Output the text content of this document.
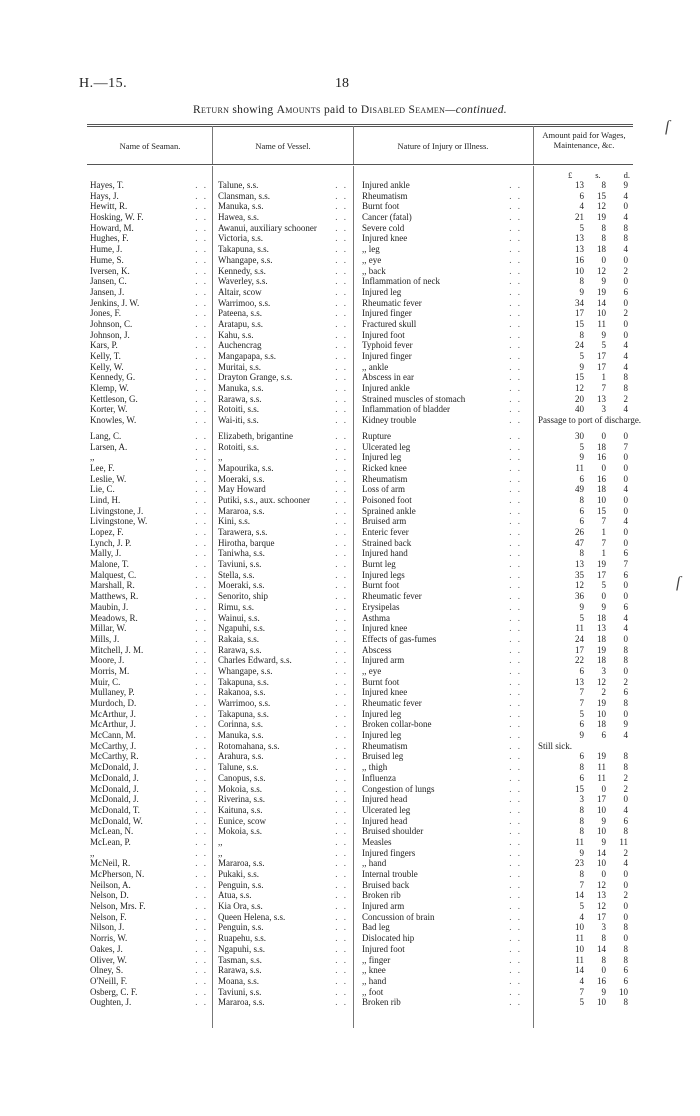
H.—15.	18
Return showing Amounts paid to Disabled Seamen—continued.
Name of Seaman.	Name of Vessel.	Nature of Injury or Illness.
Amount paid for Wages, Maintenance, &c.
£	s.	d.
Hayes, T.	. . Talune, s.s.	. . Injured ankle	. .	13	8	9
Hays, J.	. . Clansman, s.s.	. . Rheumatism	. .	6	15	4
Hewitt, R.	. . Manuka, s.s.	. . Burnt foot	. .	4	12	0
Hosking, W. F.	. . Hawea, s.s.	. . Cancer (fatal)	. .	21	19	4
Howard, M.	. . Awanui, auxiliary schooner . . Severe cold	. .	5	8	8
Hughes, F.	. . Victoria, s.s.	. . Injured knee	. .	13	8	8
Hume, J.	. . Takapuna, s.s.	. . ,, leg	. .	13	18	4
Hume, S.	. . Whangape, s.s.	. . ,, eye	. .	16	0	0
Iversen, K.	. . Kennedy, s.s.	. . ,, back	. .	10	12	2
Jansen, C.	. . Waverley, s.s.	. . Inflammation of neck	. .	8	9	0
Jansen, J.	. . Altair, scow	. . Injured leg	. .	9	19	6
Jenkins, J. W.	. . Warrimoo, s.s.	. . Rheumatic fever	. .	34	14	0
Jones, F.	. . Pateena, s.s.	. . Injured finger	. .	17	10	2
Johnson, C.	. . Aratapu, s.s.	. . Fractured skull	. .	15	11	0
Johnson, J.	. . Kahu, s.s.	. . Injured foot	. .	8	9	0
Kars, P.	. . Auchencrag	. . Typhoid fever	. .	24	5	4
Kelly, T.	. . Mangapapa, s.s.	. . Injured finger	. .	5	17	4
Kelly, W.	. . Muritai, s.s.	. . ,, ankle	. .	9	17	4
Kennedy, G.	. . Drayton Grange, s.s.	. . Abscess in ear	. .	15	1	8
Klemp, W.	. . Manuka, s.s.	. . Injured ankle	. .	12	7	8
Kettleson, G.	. . Rarawa, s.s.	. . Strained muscles of stomach	. .	20	13	2
Korter, W.	. . Rotoiti, s.s.	. . Inflammation of bladder	. .	40	3	4
Knowles, W.	. . Wai-iti, s.s.	. . Kidney trouble	. . Passage to port of discharge.
Lang, C.	. . Elizabeth, brigantine	. . Rupture	. .	30	0	0
Larsen, A.	. . Rotoiti, s.s.	. . Ulcerated leg	. .	5	18	7
,,	. . ,,	. . Injured leg	. .	9	16	0
Lee, F.	. . Mapourika, s.s.	. . Ricked knee	. .	11	0	0
Leslie, W.	. . Moeraki, s.s.	. . Rheumatism	. .	6	16	0
Lie, C.	. . May Howard	. . Loss of arm	. .	49	18	4
Lind, H.	. . Putiki, s.s., aux. schooner	. . Poisoned foot	. .	8	10	0
Livingstone, J.	. . Mararoa, s.s.	. . Sprained ankle	. .	6	15	0
Livingstone, W.	. . Kini, s.s.	. . Bruised arm	. .	6	7	4
Lopez, F.	. . Tarawera, s.s.	. . Enteric fever	. .	26	1	0
Lynch, J. P.	. . Hirotha, barque	. . Strained back	. .	47	7	0
Mally, J.	. . Taniwha, s.s.	. . Injured hand	. .	8	1	6
Malone, T.	. . Taviuni, s.s.	. . Burnt leg	. .	13	19	7
Malquest, C.	. . Stella, s.s.	. . Injured legs	. .	35	17	6
Marshall, R.	. . Moeraki, s.s.	. . Burnt foot	. .	12	5	0
Matthews, R.	. . Senorito, ship	. . Rheumatic fever	. .	36	0	0
Maubin, J.	. . Rimu, s.s.	. . Erysipelas	. .	9	9	6
Meadows, R.	. . Wainui, s.s.	. . Asthma	. .	5	18	4
Millar, W.	. . Ngapuhi, s.s.	. . Injured knee	. .	11	13	4
Mills, J.	. . Rakaia, s.s.	. . Effects of gas-fumes	. .	24	18	0
Mitchell, J. M.	. . Rarawa, s.s.	. . Abscess	. .	17	19	8
Moore, J.	. . Charles Edward, s.s.	. . Injured arm	. .	22	18	8
Morris, M.	. . Whangape, s.s.	. . ,, eye	. .	6	3	0
Muir, C.	. . Takapuna, s.s.	. . Burnt foot	. .	13	12	2
Mullaney, P.	. . Rakanoa, s.s.	. . Injured knee	. .	7	2	6
Murdoch, D.	. . Warrimoo, s.s.	. . Rheumatic fever	. .	7	19	8
McArthur, J.	. . Takapuna, s.s.	. . Injured leg	. .	5	10	0
McArthur, J.	. . Corinna, s.s.	. . Broken collar-bone	. .	6	18	9
McCann, M.	. . Manuka, s.s.	. . Injured leg	. .	9	6	4
McCarthy, J.	. . Rotomahana, s.s.	. . Rheumatism	. . Still sick.
McCarthy, R.	. . Arahura, s.s.	. . Bruised leg	. .	6	19	8
McDonald, J.	. . Talune, s.s.	. . ,, thigh	. .	8	11	8
McDonald, J.	. . Canopus, s.s.	. . Influenza	. .	6	11	2
McDonald, J.	. . Mokoia, s.s.	. . Congestion of lungs	. .	15	0	2
McDonald, J.	. . Riverina, s.s.	. . Injured head	. .	3	17	0
McDonald, T.	. . Kaituna, s.s.	. . Ulcerated leg	. .	8	10	4
McDonald, W.	. . Eunice, scow	. . Injured head	. .	8	9	6
McLean, N.	. . Mokoia, s.s.	. . Bruised shoulder	. .	8	10	8
McLean, P.	. . ,,	. . Measles	. .	11	9	11
,,	. . ,,	. . Injured fingers	. .	9	14	2
McNeil, R.	. . Mararoa, s.s.	. . ,, hand	. .	23	10	4
McPherson, N.	. . Pukaki, s.s.	. . Internal trouble	. .	8	0	0
Neilson, A.	. . Penguin, s.s.	. . Bruised back	. .	7	12	0
Nelson, D.	. . Atua, s.s.	. . Broken rib	. .	14	13	2
Nelson, Mrs. F.	. . Kia Ora, s.s.	. . Injured arm	. .	5	12	0
Nelson, F.	. . Queen Helena, s.s.	. . Concussion of brain	. .	4	17	0
Nilson, J.	. . Penguin, s.s.	. . Bad leg	. .	10	3	8
Norris, W.	. . Ruapehu, s.s.	. . Dislocated hip	. .	11	8	0
Oakes, J.	. . Ngapuhi, s.s.	. . Injured foot	. .	10	14	8
Oliver, W.	. . Tasman, s.s.	. . ,, finger	. .	11	8	8
Olney, S.	. . Rarawa, s.s.	. . ,, knee	. .	14	0	6
O'Neill, F.	. . Moana, s.s.	. . ,, hand	. .	4	16	6
Osberg, C. F.	. . Taviuni, s.s.	. . ,, foot	. .	7	9	10
Oughten, J.	. . Mararoa, s.s.	. . Broken rib	. .	5	10	8
ſ
ſ
